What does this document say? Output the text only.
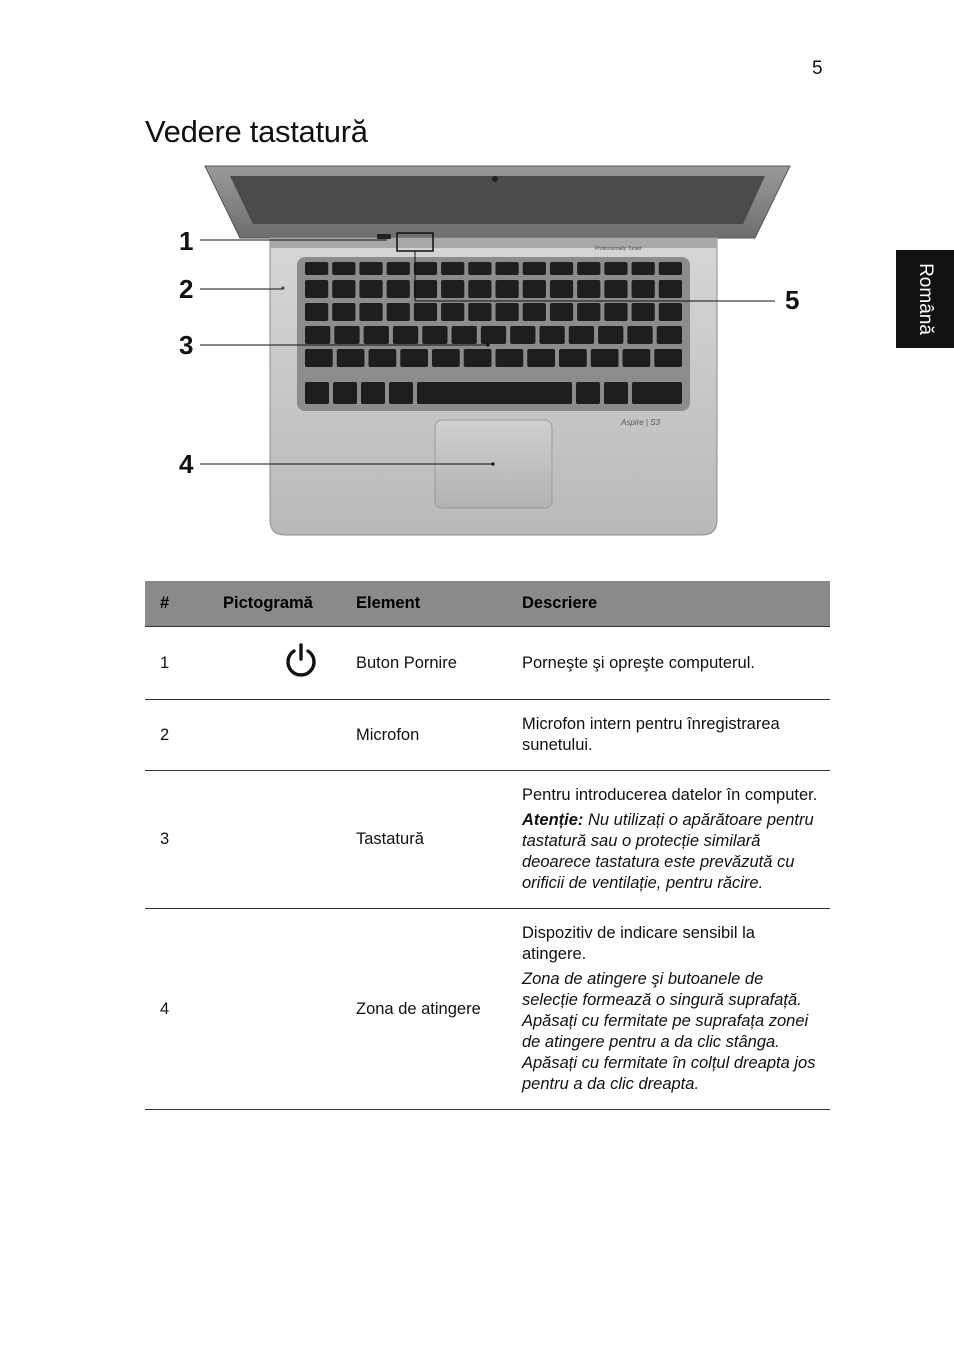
5
Vedere tastatură
Română
Professionally Tuned
Aspire | S3
1
2
3
4
5
#	Pictogramă	Element	Descriere
1		Buton Pornire	Porneşte şi opreşte computerul.

2		Microfon	Microfon intern pentru înregistrarea sunetului.

3		Tastatură	Pentru introducerea datelor în computer.

Atenție: Nu utilizați o apărătoare pentru tastatură sau o protecție similară deoarece tastatura este prevăzută cu orificii de ventilație, pentru răcire.

4		Zona de atingere	Dispozitiv de indicare sensibil la atingere.

Zona de atingere şi butoanele de selecție formează o singură suprafață. Apăsați cu fermitate pe suprafața zonei de atingere pentru a da clic stânga. Apăsați cu fermitate în colțul dreapta jos pentru a da clic dreapta.
